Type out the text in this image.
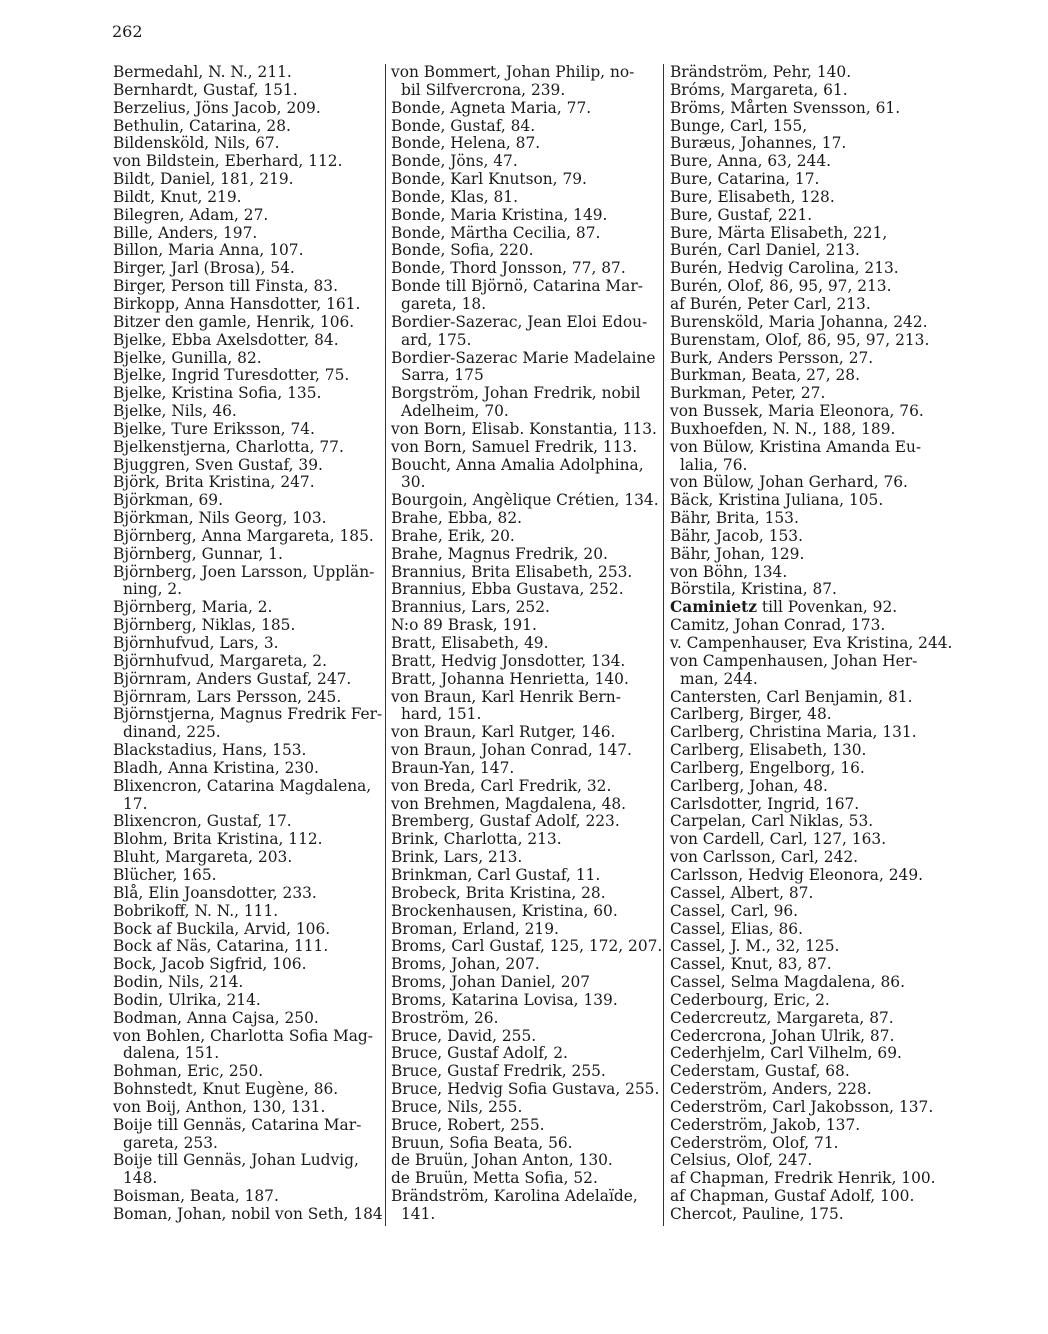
262
Bermedahl, N. N., 211.
Bernhardt, Gustaf, 151.
Berzelius, Jöns Jacob, 209.
Bethulin, Catarina, 28.
Bildensköld, Nils, 67.
von Bildstein, Eberhard, 112.
Bildt, Daniel, 181, 219.
Bildt, Knut, 219.
Bilegren, Adam, 27.
Bille, Anders, 197.
Billon, Maria Anna, 107.
Birger, Jarl (Brosa), 54.
Birger, Person till Finsta, 83.
Birkopp, Anna Hansdotter, 161.
Bitzer den gamle, Henrik, 106.
Bjelke, Ebba Axelsdotter, 84.
Bjelke, Gunilla, 82.
Bjelke, Ingrid Turesdotter, 75.
Bjelke, Kristina Sofia, 135.
Bjelke, Nils, 46.
Bjelke, Ture Eriksson, 74.
Bjelkenstjerna, Charlotta, 77.
Bjuggren, Sven Gustaf, 39.
Björk, Brita Kristina, 247.
Björkman, 69.
Björkman, Nils Georg, 103.
Björnberg, Anna Margareta, 185.
Björnberg, Gunnar, 1.
Björnberg, Joen Larsson, Upplän-
ning, 2.
Björnberg, Maria, 2.
Björnberg, Niklas, 185.
Björnhufvud, Lars, 3.
Björnhufvud, Margareta, 2.
Björnram, Anders Gustaf, 247.
Björnram, Lars Persson, 245.
Björnstjerna, Magnus Fredrik Fer-
dinand, 225.
Blackstadius, Hans, 153.
Bladh, Anna Kristina, 230.
Blixencron, Catarina Magdalena,
17.
Blixencron, Gustaf, 17.
Blohm, Brita Kristina, 112.
Bluht, Margareta, 203.
Blücher, 165.
Blå, Elin Joansdotter, 233.
Bobrikoff, N. N., 111.
Bock af Buckila, Arvid, 106.
Bock af Näs, Catarina, 111.
Bock, Jacob Sigfrid, 106.
Bodin, Nils, 214.
Bodin, Ulrika, 214.
Bodman, Anna Cajsa, 250.
von Bohlen, Charlotta Sofia Mag-
dalena, 151.
Bohman, Eric, 250.
Bohnstedt, Knut Eugène, 86.
von Boij, Anthon, 130, 131.
Boije till Gennäs, Catarina Mar-
gareta, 253.
Boije till Gennäs, Johan Ludvig,
148.
Boisman, Beata, 187.
Boman, Johan, nobil von Seth, 184
von Bommert, Johan Philip, no-
bil Silfvercrona, 239.
Bonde, Agneta Maria, 77.
Bonde, Gustaf, 84.
Bonde, Helena, 87.
Bonde, Jöns, 47.
Bonde, Karl Knutson, 79.
Bonde, Klas, 81.
Bonde, Maria Kristina, 149.
Bonde, Märtha Cecilia, 87.
Bonde, Sofia, 220.
Bonde, Thord Jonsson, 77, 87.
Bonde till Björnö, Catarina Mar-
gareta, 18.
Bordier-Sazerac, Jean Eloi Edou-
ard, 175.
Bordier-Sazerac Marie Madelaine
Sarra, 175
Borgström, Johan Fredrik, nobil
Adelheim, 70.
von Born, Elisab. Konstantia, 113.
von Born, Samuel Fredrik, 113.
Boucht, Anna Amalia Adolphina,
30.
Bourgoin, Angèlique Crétien, 134.
Brahe, Ebba, 82.
Brahe, Erik, 20.
Brahe, Magnus Fredrik, 20.
Brannius, Brita Elisabeth, 253.
Brannius, Ebba Gustava, 252.
Brannius, Lars, 252.
N:o 89 Brask, 191.
Bratt, Elisabeth, 49.
Bratt, Hedvig Jonsdotter, 134.
Bratt, Johanna Henrietta, 140.
von Braun, Karl Henrik Bern-
hard, 151.
von Braun, Karl Rutger, 146.
von Braun, Johan Conrad, 147.
Braun-Yan, 147.
von Breda, Carl Fredrik, 32.
von Brehmen, Magdalena, 48.
Bremberg, Gustaf Adolf, 223.
Brink, Charlotta, 213.
Brink, Lars, 213.
Brinkman, Carl Gustaf, 11.
Brobeck, Brita Kristina, 28.
Brockenhausen, Kristina, 60.
Broman, Erland, 219.
Broms, Carl Gustaf, 125, 172, 207.
Broms, Johan, 207.
Broms, Johan Daniel, 207
Broms, Katarina Lovisa, 139.
Broström, 26.
Bruce, David, 255.
Bruce, Gustaf Adolf, 2.
Bruce, Gustaf Fredrik, 255.
Bruce, Hedvig Sofia Gustava, 255.
Bruce, Nils, 255.
Bruce, Robert, 255.
Bruun, Sofia Beata, 56.
de Bruün, Johan Anton, 130.
de Bruün, Metta Sofia, 52.
Brändström, Karolina Adelaïde,
141.
Brändström, Pehr, 140.
Bróms, Margareta, 61.
Bröms, Mårten Svensson, 61.
Bunge, Carl, 155,
Buræus, Johannes, 17.
Bure, Anna, 63, 244.
Bure, Catarina, 17.
Bure, Elisabeth, 128.
Bure, Gustaf, 221.
Bure, Märta Elisabeth, 221,
Burén, Carl Daniel, 213.
Burén, Hedvig Carolina, 213.
Burén, Olof, 86, 95, 97, 213.
af Burén, Peter Carl, 213.
Burensköld, Maria Johanna, 242.
Burenstam, Olof, 86, 95, 97, 213.
Burk, Anders Persson, 27.
Burkman, Beata, 27, 28.
Burkman, Peter, 27.
von Bussek, Maria Eleonora, 76.
Buxhoefden, N. N., 188, 189.
von Bülow, Kristina Amanda Eu-
lalia, 76.
von Bülow, Johan Gerhard, 76.
Bäck, Kristina Juliana, 105.
Bähr, Brita, 153.
Bähr, Jacob, 153.
Bähr, Johan, 129.
von Böhn, 134.
Börstila, Kristina, 87.
Caminietz till Povenkan, 92.
Camitz, Johan Conrad, 173.
v. Campenhauser, Eva Kristina, 244.
von Campenhausen, Johan Her-
man, 244.
Cantersten, Carl Benjamin, 81.
Carlberg, Birger, 48.
Carlberg, Christina Maria, 131.
Carlberg, Elisabeth, 130.
Carlberg, Engelborg, 16.
Carlberg, Johan, 48.
Carlsdotter, Ingrid, 167.
Carpelan, Carl Niklas, 53.
von Cardell, Carl, 127, 163.
von Carlsson, Carl, 242.
Carlsson, Hedvig Eleonora, 249.
Cassel, Albert, 87.
Cassel, Carl, 96.
Cassel, Elias, 86.
Cassel, J. M., 32, 125.
Cassel, Knut, 83, 87.
Cassel, Selma Magdalena, 86.
Cederbourg, Eric, 2.
Cedercreutz, Margareta, 87.
Cedercrona, Johan Ulrik, 87.
Cederhjelm, Carl Vilhelm, 69.
Cederstam, Gustaf, 68.
Cederström, Anders, 228.
Cederström, Carl Jakobsson, 137.
Cederström, Jakob, 137.
Cederström, Olof, 71.
Celsius, Olof, 247.
af Chapman, Fredrik Henrik, 100.
af Chapman, Gustaf Adolf, 100.
Chercot, Pauline, 175.
